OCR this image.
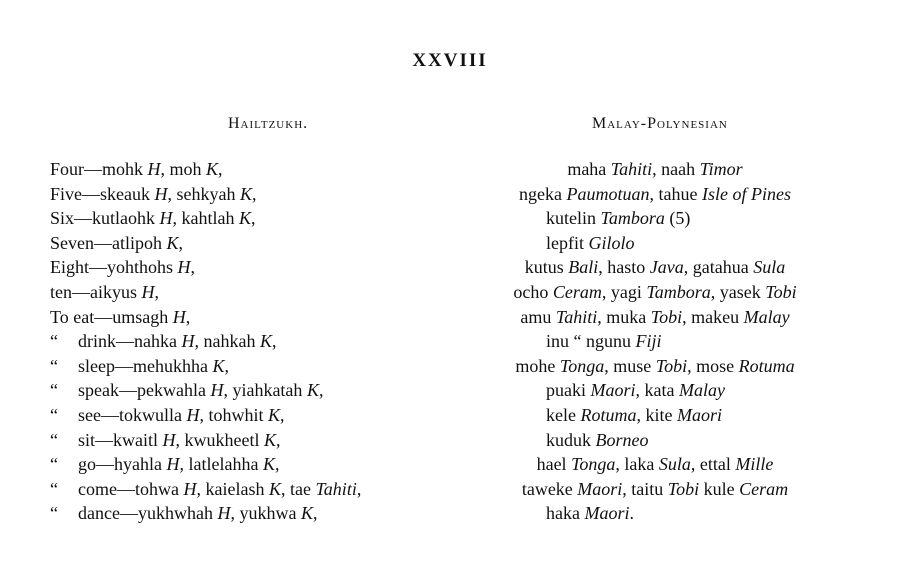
XXVIII
Hailtzukh.	Malay-Polynesian
Four—mohk H, moh K,	maha Tahiti, naah Timor
Five—skeauk H, sehkyah K,	ngeka Paumotuan, tahue Isle of Pines
Six—kutlaohk H, kahtlah K,	kutelin Tambora (5)
Seven—atlipoh K,	lepfit Gilolo
Eight—yohthohs H,	kutus Bali, hasto Java, gatahua Sula
ten—aikyus H,	ocho Ceram, yagi Tambora, yasek Tobi
To eat—umsagh H,	amu Tahiti, muka Tobi, makeu Malay
“ drink—nahka H, nahkah K,	inu “ ngunu Fiji
“ sleep—mehukhha K,	mohe Tonga, muse Tobi, mose Rotuma
“ speak—pekwahla H, yiahkatah K,	puaki Maori, kata Malay
“ see—tokwulla H, tohwhit K,	kele Rotuma, kite Maori
“ sit—kwaitl H, kwukheetl K,	kuduk Borneo
“ go—hyahla H, latlelahha K,	hael Tonga, laka Sula, ettal Mille
“ come—tohwa H, kaielash K, tae Tahiti,	taweke Maori, taitu Tobi kule Ceram
“ dance—yukhwhah H, yukhwa K,	haka Maori.
